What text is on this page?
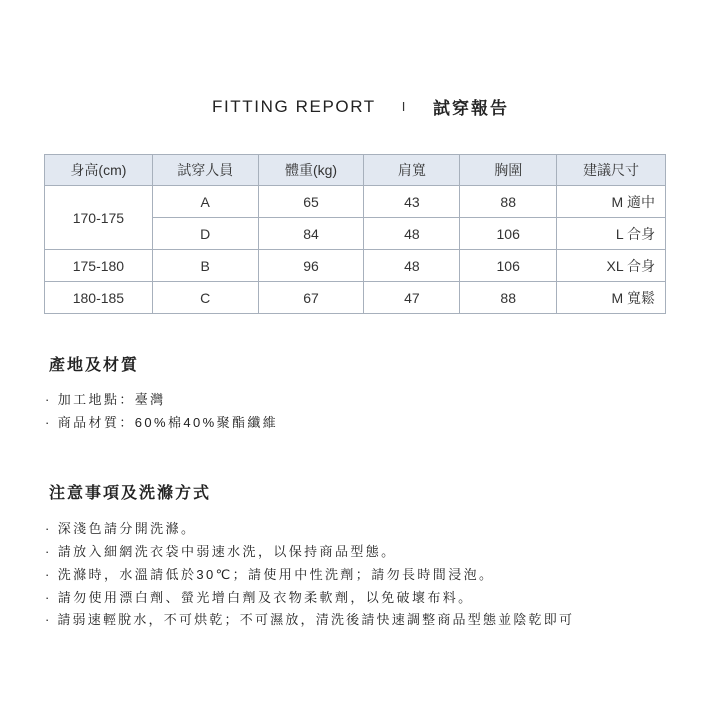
FITTING REPORT I 試穿報告
身高(cm)	試穿人員	體重(kg)	肩寬	胸圍	建議尺寸
170-175	A	65	43	88	M 適中
	D	84	48	106	L 合身
175-180	B	96	48	106	XL 合身
180-185	C	67	47	88	M 寬鬆
產地及材質
· 加工地點：臺灣
· 商品材質：60%棉40%聚酯纖維
注意事項及洗滌方式
· 深淺色請分開洗滌。
· 請放入細網洗衣袋中弱速水洗，以保持商品型態。
· 洗滌時，水溫請低於30℃；請使用中性洗劑；請勿長時間浸泡。
· 請勿使用漂白劑、螢光增白劑及衣物柔軟劑，以免破壞布料。
· 請弱速輕脫水，不可烘乾；不可濕放，清洗後請快速調整商品型態並陰乾即可
